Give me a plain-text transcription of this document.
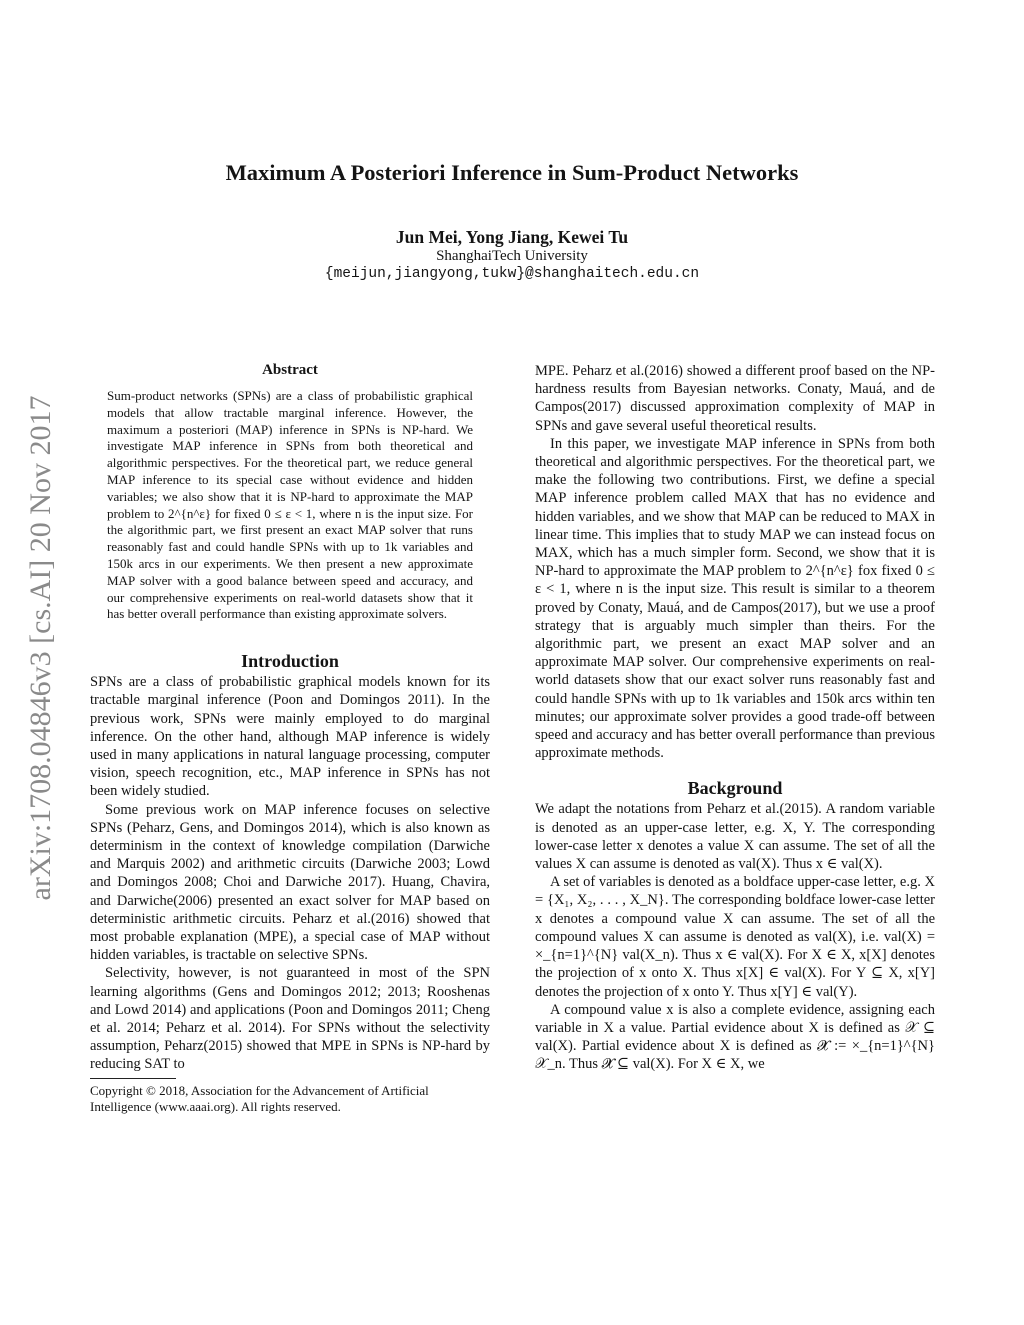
Maximum A Posteriori Inference in Sum-Product Networks
Jun Mei, Yong Jiang, Kewei Tu
ShanghaiTech University
{meijun,jiangyong,tukw}@shanghaitech.edu.cn
arXiv:1708.04846v3 [cs.AI] 20 Nov 2017
Abstract

Sum-product networks (SPNs) are a class of probabilistic graphical models that allow tractable marginal inference. However, the maximum a posteriori (MAP) inference in SPNs is NP-hard. We investigate MAP inference in SPNs from both theoretical and algorithmic perspectives. For the theoretical part, we reduce general MAP inference to its special case without evidence and hidden variables; we also show that it is NP-hard to approximate the MAP problem to 2^{n^ε} for fixed 0 ≤ ε < 1, where n is the input size. For the algorithmic part, we first present an exact MAP solver that runs reasonably fast and could handle SPNs with up to 1k variables and 150k arcs in our experiments. We then present a new approximate MAP solver with a good balance between speed and accuracy, and our comprehensive experiments on real-world datasets show that it has better overall performance than existing approximate solvers.

Introduction

SPNs are a class of probabilistic graphical models known for its tractable marginal inference (Poon and Domingos 2011). In the previous work, SPNs were mainly employed to do marginal inference. On the other hand, although MAP inference is widely used in many applications in natural language processing, computer vision, speech recognition, etc., MAP inference in SPNs has not been widely studied.

Some previous work on MAP inference focuses on selective SPNs (Peharz, Gens, and Domingos 2014), which is also known as determinism in the context of knowledge compilation (Darwiche and Marquis 2002) and arithmetic circuits (Darwiche 2003; Lowd and Domingos 2008; Choi and Darwiche 2017). Huang, Chavira, and Darwiche(2006) presented an exact solver for MAP based on deterministic arithmetic circuits. Peharz et al.(2016) showed that most probable explanation (MPE), a special case of MAP without hidden variables, is tractable on selective SPNs.

Selectivity, however, is not guaranteed in most of the SPN learning algorithms (Gens and Domingos 2012; 2013; Rooshenas and Lowd 2014) and applications (Poon and Domingos 2011; Cheng et al. 2014; Peharz et al. 2014). For SPNs without the selectivity assumption, Peharz(2015) showed that MPE in SPNs is NP-hard by reducing SAT to

Copyright © 2018, Association for the Advancement of Artificial Intelligence (www.aaai.org). All rights reserved.

MPE. Peharz et al.(2016) showed a different proof based on the NP-hardness results from Bayesian networks. Conaty, Mauá, and de Campos(2017) discussed approximation complexity of MAP in SPNs and gave several useful theoretical results.

In this paper, we investigate MAP inference in SPNs from both theoretical and algorithmic perspectives. For the theoretical part, we make the following two contributions. First, we define a special MAP inference problem called MAX that has no evidence and hidden variables, and we show that MAP can be reduced to MAX in linear time. This implies that to study MAP we can instead focus on MAX, which has a much simpler form. Second, we show that it is NP-hard to approximate the MAP problem to 2^{n^ε} fox fixed 0 ≤ ε < 1, where n is the input size. This result is similar to a theorem proved by Conaty, Mauá, and de Campos(2017), but we use a proof strategy that is arguably much simpler than theirs. For the algorithmic part, we present an exact MAP solver and an approximate MAP solver. Our comprehensive experiments on real-world datasets show that our exact solver runs reasonably fast and could handle SPNs with up to 1k variables and 150k arcs within ten minutes; our approximate solver provides a good trade-off between speed and accuracy and has better overall performance than previous approximate methods.

Background

We adapt the notations from Peharz et al.(2015). A random variable is denoted as an upper-case letter, e.g. X, Y. The corresponding lower-case letter x denotes a value X can assume. The set of all the values X can assume is denoted as val(X). Thus x ∈ val(X).

A set of variables is denoted as a boldface upper-case letter, e.g. X = {X₁, X₂, . . . , X_N}. The corresponding boldface lower-case letter x denotes a compound value X can assume. The set of all the compound values X can assume is denoted as val(X), i.e. val(X) = ×_{n=1}^{N} val(X_n). Thus x ∈ val(X). For X ∈ X, x[X] denotes the projection of x onto X. Thus x[X] ∈ val(X). For Y ⊆ X, x[Y] denotes the projection of x onto Y. Thus x[Y] ∈ val(Y).

A compound value x is also a complete evidence, assigning each variable in X a value. Partial evidence about X is defined as 𝒳 ⊆ val(X). Partial evidence about X is defined as 𝓧 := ×_{n=1}^{N} 𝒳_n. Thus 𝓧 ⊆ val(X). For X ∈ X, we
